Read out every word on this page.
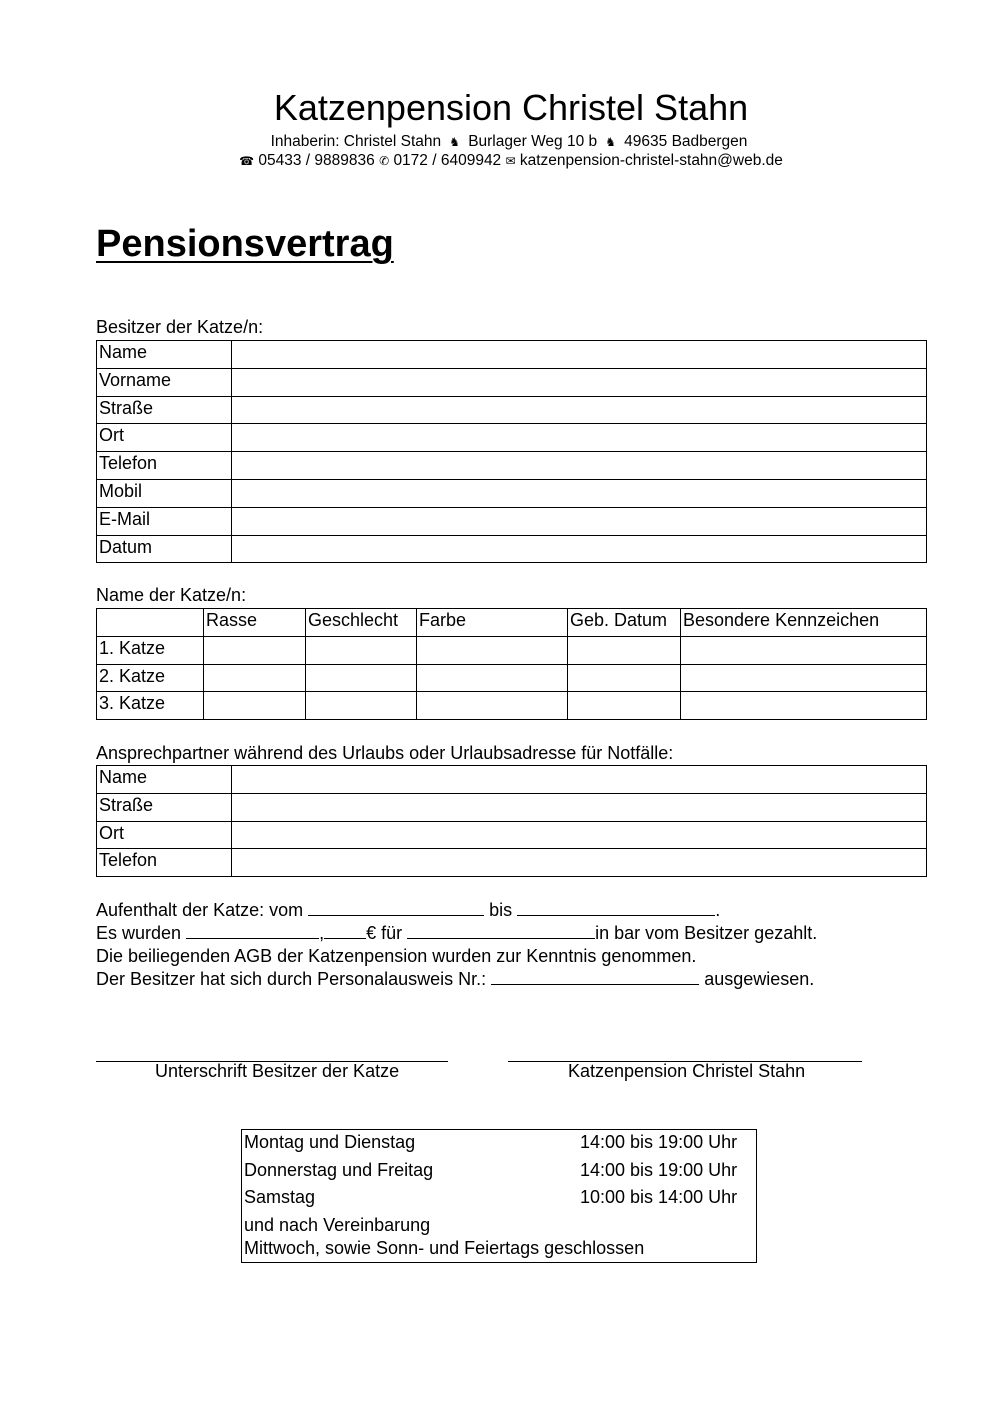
Katzenpension Christel Stahn
Inhaberin: Christel Stahn  ♞  Burlager Weg 10 b  ♞  49635 Badbergen
☎ 05433 / 9889836 ✆ 0172 / 6409942 ✉ katzenpension-christel-stahn@web.de
Pensionsvertrag
Besitzer der Katze/n:
Name	
Vorname	
Straße	
Ort	
Telefon	
Mobil	
E-Mail	
Datum	
Name der Katze/n:
	Rasse	Geschlecht	Farbe	Geb. Datum	Besondere Kennzeichen
1. Katze					
2. Katze					
3. Katze					
Ansprechpartner während des Urlaubs oder Urlaubsadresse für Notfälle:
Name	
Straße	
Ort	
Telefon	
Aufenthalt der Katze: vom	bis	.
Es wurden	, € für	in bar vom Besitzer gezahlt.
Die beiliegenden AGB der Katzenpension wurden zur Kenntnis genommen.
Der Besitzer hat sich durch Personalausweis Nr.:	ausgewiesen.
Unterschrift Besitzer der Katze	Katzenpension Christel Stahn
Montag und Dienstag	14:00 bis 19:00 Uhr
Donnerstag und Freitag	14:00 bis 19:00 Uhr
Samstag	10:00 bis 14:00 Uhr
und nach Vereinbarung
Mittwoch, sowie Sonn- und Feiertags geschlossen
